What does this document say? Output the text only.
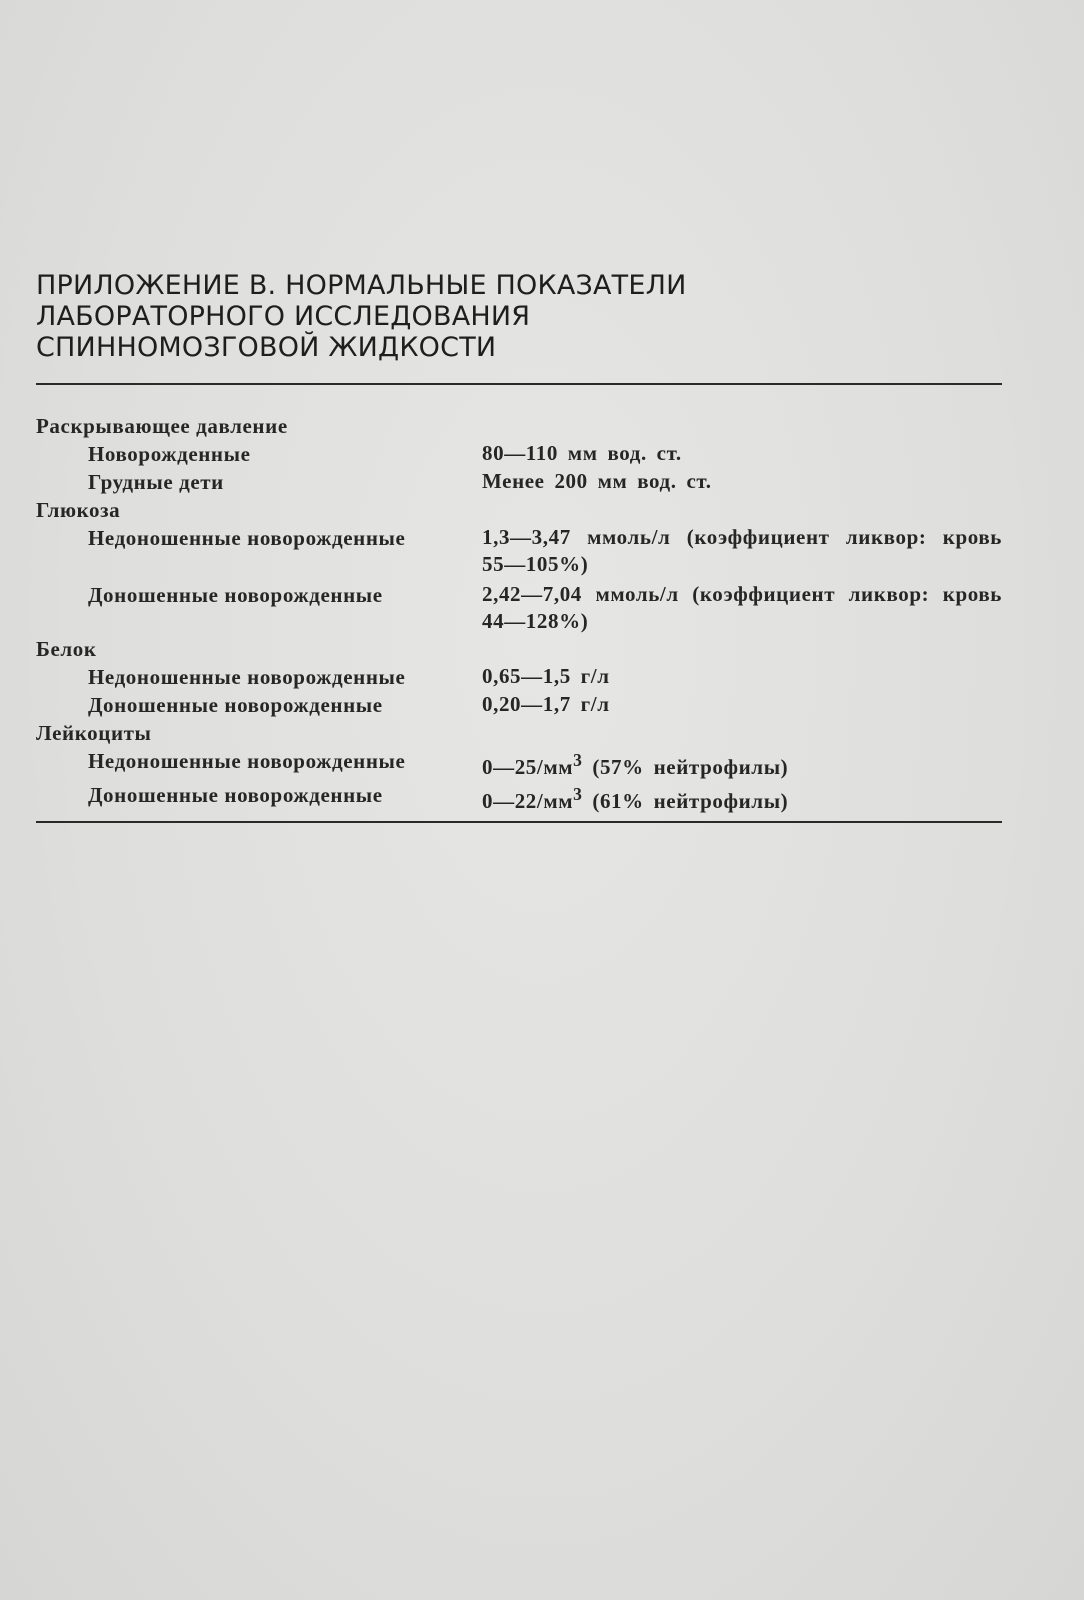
ПРИЛОЖЕНИЕ В. НОРМАЛЬНЫЕ ПОКАЗАТЕЛИ
ЛАБОРАТОРНОГО ИССЛЕДОВАНИЯ
СПИННОМОЗГОВОЙ ЖИДКОСТИ
Раскрывающее давление
Новорожденные	80—110 мм вод. ст.
Грудные дети	Менее 200 мм вод. ст.
Глюкоза
Недоношенные новорожденные	1,3—3,47 ммоль/л (коэффициент ликвор: кровь 55—105%)
Доношенные новорожденные	2,42—7,04 ммоль/л (коэффициент ликвор: кровь 44—128%)
Белок
Недоношенные новорожденные	0,65—1,5 г/л
Доношенные новорожденные	0,20—1,7 г/л
Лейкоциты
Недоношенные новорожденные	$0—25/мм^3$ (57% нейтрофилы)
Доношенные новорожденные	$0—22/мм^3$ (61% нейтрофилы)
